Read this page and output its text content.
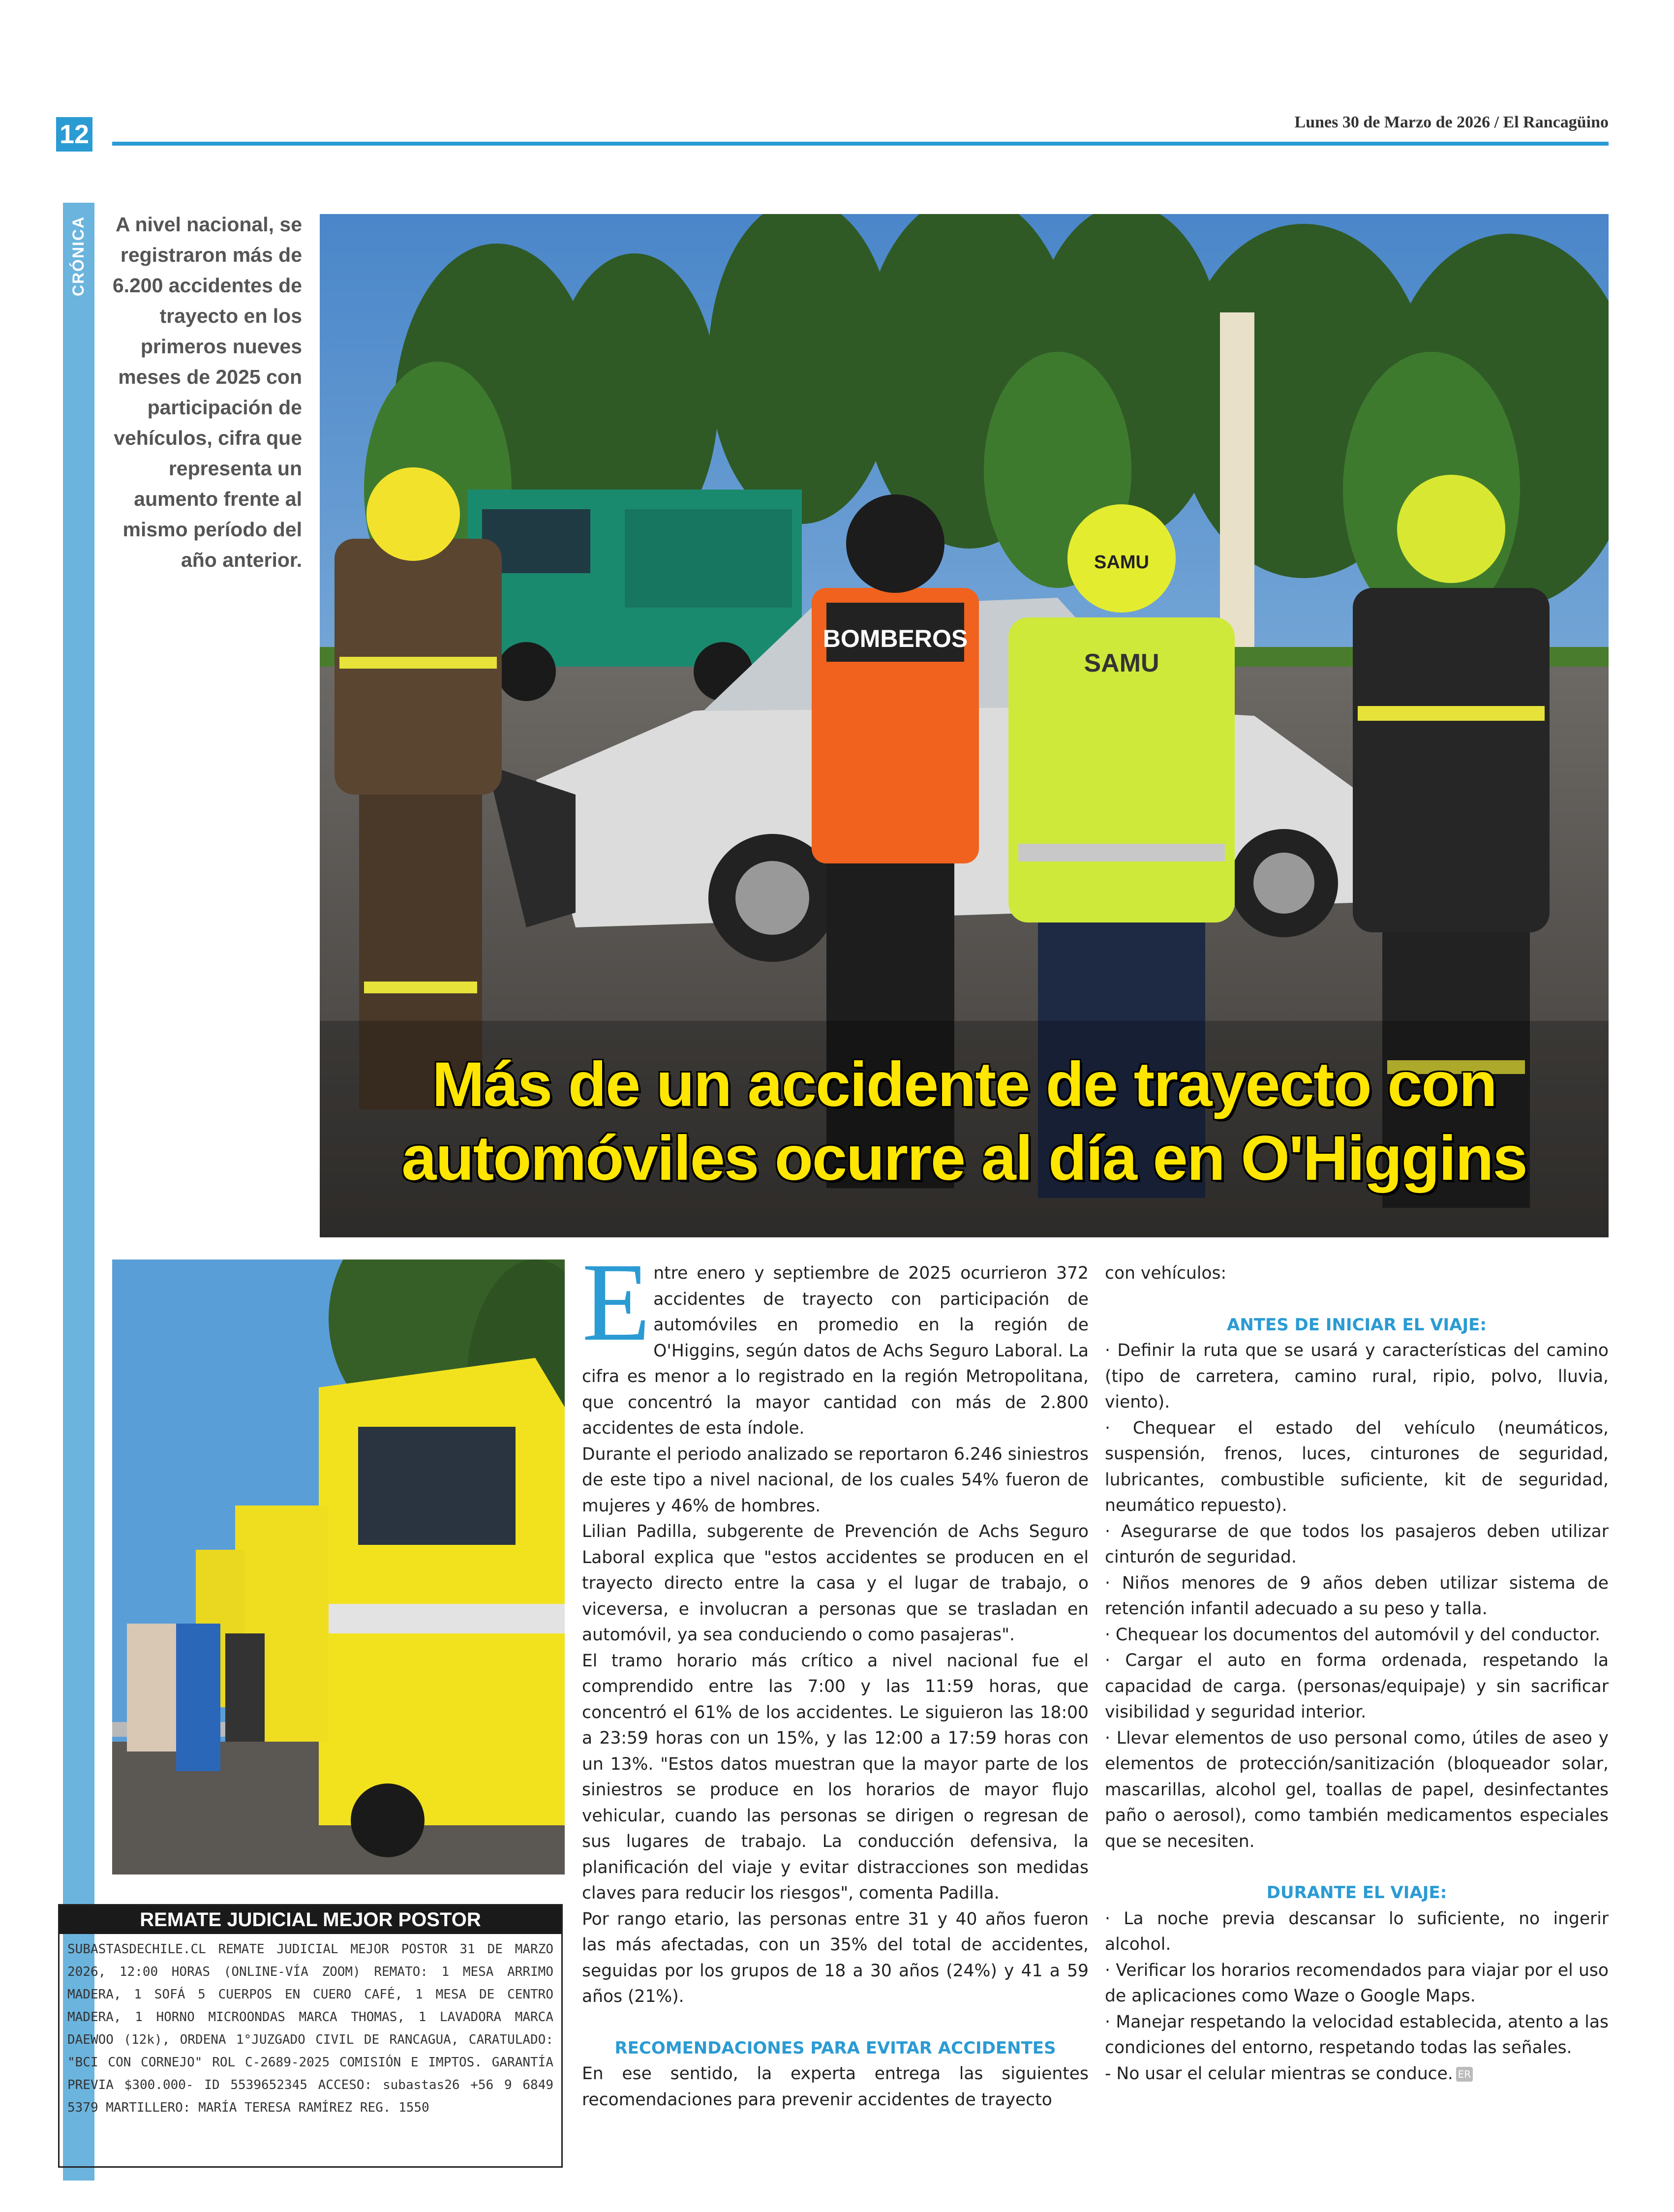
12	Lunes 30 de Marzo de 2026 / El Rancagüino
CRÓNICA	A nivel nacional, se registraron más de 6.200 accidentes de trayecto en los primeros nueves meses de 2025 con participación de vehículos, cifra que representa un aumento frente al mismo período del año anterior.
BOMBEROS
SAMU
SAMU
Más de un accidente de trayecto con
automóviles ocurre al día en O'Higgins
REMATE JUDICIAL MEJOR POSTOR
SUBASTASDECHILE.CL REMATE JUDICIAL MEJOR POSTOR 31 DE MARZO 2026, 12:00 HORAS (ONLINE-VÍA ZOOM) REMATO: 1 MESA ARRIMO MADERA, 1 SOFÁ 5 CUERPOS EN CUERO CAFÉ, 1 MESA DE CENTRO MADERA, 1 HORNO MICROONDAS MARCA THOMAS, 1 LAVADORA MARCA DAEWOO (12k), ORDENA 1°JUZGADO CIVIL DE RANCAGUA, CARATULADO: "BCI CON CORNEJO" ROL C-2689-2025 COMISIÓN E IMPTOS. GARANTÍA PREVIA $300.000- ID 5539652345 ACCESO: subastas26 +56 9 6849 5379 MARTILLERO: MARÍA TERESA RAMÍREZ REG. 1550
E ntre enero y septiembre de 2025 ocurrieron 372 accidentes de trayecto con participación de automóviles en promedio en la región de O'Higgins, según datos de Achs Seguro Laboral. La cifra es menor a lo registrado en la región Metropolitana, que concentró la mayor cantidad con más de 2.800 accidentes de esta índole.

Durante el periodo analizado se reportaron 6.246 siniestros de este tipo a nivel nacional, de los cuales 54% fueron de mujeres y 46% de hombres.

Lilian Padilla, subgerente de Prevención de Achs Seguro Laboral explica que "estos accidentes se producen en el trayecto directo entre la casa y el lugar de trabajo, o viceversa, e involucran a personas que se trasladan en automóvil, ya sea conduciendo o como pasajeras".

El tramo horario más crítico a nivel nacional fue el comprendido entre las 7:00 y las 11:59 horas, que concentró el 61% de los accidentes. Le siguieron las 18:00 a 23:59 horas con un 15%, y las 12:00 a 17:59 horas con un 13%. "Estos datos muestran que la mayor parte de los siniestros se produce en los horarios de mayor flujo vehicular, cuando las personas se dirigen o regresan de sus lugares de trabajo. La conducción defensiva, la planificación del viaje y evitar distracciones son medidas claves para reducir los riesgos", comenta Padilla.

Por rango etario, las personas entre 31 y 40 años fueron las más afectadas, con un 35% del total de accidentes, seguidas por los grupos de 18 a 30 años (24%) y 41 a 59 años (21%).

RECOMENDACIONES PARA EVITAR ACCIDENTES

En ese sentido, la experta entrega las siguientes recomendaciones para prevenir accidentes de trayecto

con vehículos:

ANTES DE INICIAR EL VIAJE:

· Definir la ruta que se usará y características del camino (tipo de carretera, camino rural, ripio, polvo, lluvia, viento).

· Chequear el estado del vehículo (neumáticos, suspensión, frenos, luces, cinturones de seguridad, lubricantes, combustible suficiente, kit de seguridad, neumático repuesto).

· Asegurarse de que todos los pasajeros deben utilizar cinturón de seguridad.

· Niños menores de 9 años deben utilizar sistema de retención infantil adecuado a su peso y talla.

· Chequear los documentos del automóvil y del conductor.

· Cargar el auto en forma ordenada, respetando la capacidad de carga. (personas/equipaje) y sin sacrificar visibilidad y seguridad interior.

· Llevar elementos de uso personal como, útiles de aseo y elementos de protección/sanitización (bloqueador solar, mascarillas, alcohol gel, toallas de papel, desinfectantes paño o aerosol), como también medicamentos especiales que se necesiten.

DURANTE EL VIAJE:

· La noche previa descansar lo suficiente, no ingerir alcohol.

· Verificar los horarios recomendados para viajar por el uso de aplicaciones como Waze o Google Maps.

· Manejar respetando la velocidad establecida, atento a las condiciones del entorno, respetando todas las señales.

- No usar el celular mientras se conduce. ER
